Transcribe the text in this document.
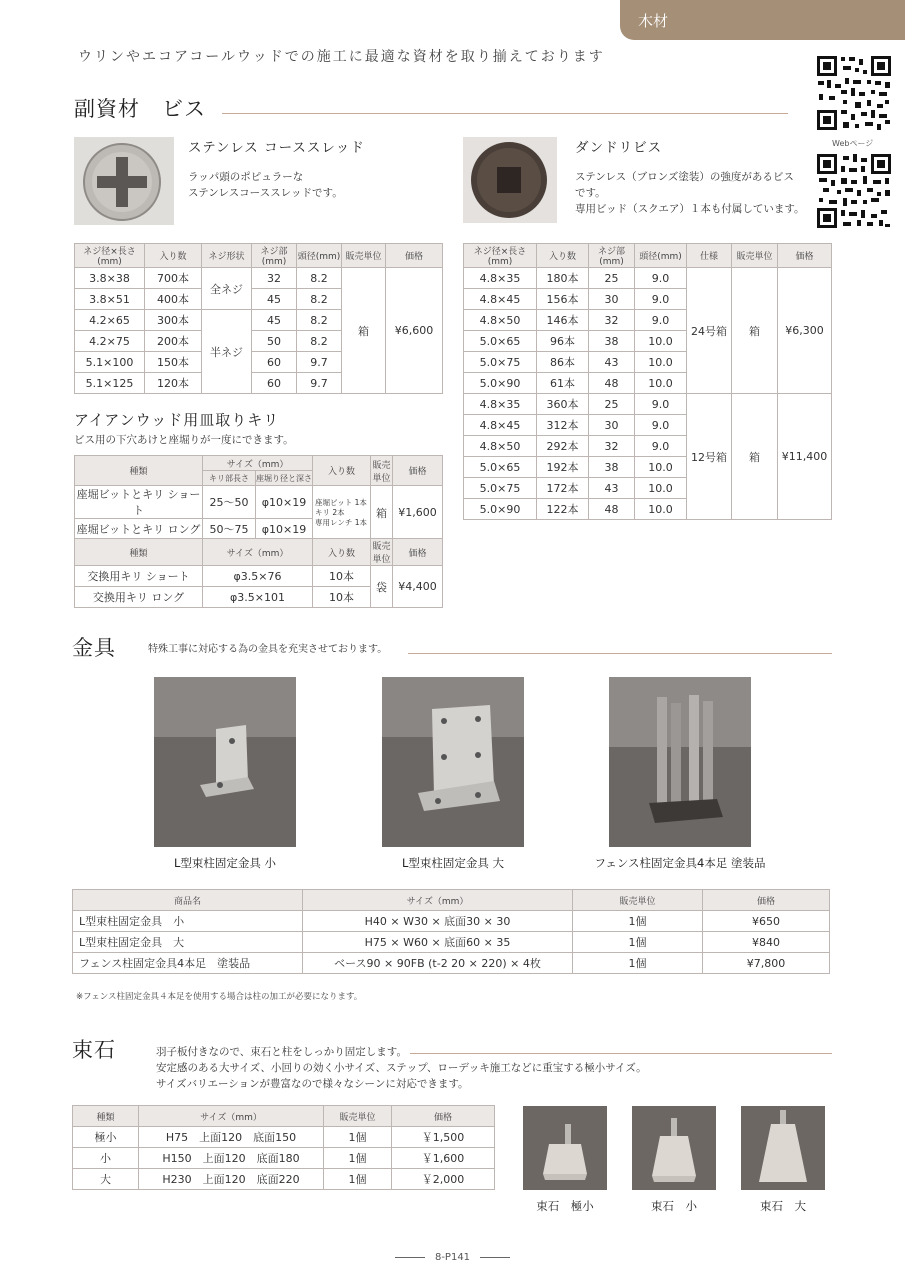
木材
ウリンやエコアコールウッドでの施工に最適な資材を取り揃えております
Webページ
副資材　ビス
ステンレス コーススレッド
ラッパ頭のポピュラーな
ステンレスコーススレッドです。
ネジ径×長さ(mm)	入り数	ネジ形状	ネジ部(mm)	頭径(mm)	販売単位	価格
3.8×38	700本	全ネジ	32	8.2	箱	¥6,600
3.8×51	400本		45	8.2		
4.2×65	300本	半ネジ	45	8.2		
4.2×75	200本		50	8.2		
5.1×100	150本		60	9.7		
5.1×125	120本		60	9.7		
ダンドリビス
ステンレス（ブロンズ塗装）の強度があるビス
です。
専用ビッド（スクエア）１本も付属しています。
ネジ径×長さ(mm)	入り数	ネジ部(mm)	頭径(mm)	仕様	販売単位	価格
4.8×35	180本	25	9.0	24号箱	箱	¥6,300
4.8×45	156本	30	9.0			
4.8×50	146本	32	9.0			
5.0×65	96本	38	10.0			
5.0×75	86本	43	10.0			
5.0×90	61本	48	10.0			
4.8×35	360本	25	9.0	12号箱	箱	¥11,400
4.8×45	312本	30	9.0			
4.8×50	292本	32	9.0			
5.0×65	192本	38	10.0			
5.0×75	172本	43	10.0			
5.0×90	122本	48	10.0			
アイアンウッド用皿取りキリ
ビス用の下穴あけと座堀りが一度にできます。
種類	サイズ（mm）		入り数	販売単位	価格
	キリ部長さ	座堀り径と深さ			
座堀ビットとキリ ショート	25〜50	φ10×19	座堀ビット 1本
キリ 2本
専用レンチ 1本	箱	¥1,600
座堀ビットとキリ ロング	50〜75	φ10×19			
種類	サイズ（mm）	入り数	販売単位	価格
交換用キリ ショート	φ3.5×76	10本	袋	¥4,400
交換用キリ ロング	φ3.5×101	10本		
金具	特殊工事に対応する為の金具を充実させております。
L型束柱固定金具 小	L型束柱固定金具 大	フェンス柱固定金具4本足 塗装品
商品名	サイズ（mm）	販売単位	価格
L型束柱固定金具　小	H40 × W30 × 底面30 × 30	1個	¥650
L型束柱固定金具　大	H75 × W60 × 底面60 × 35	1個	¥840
フェンス柱固定金具4本足　塗装品	ベース90 × 90FB (t-2 20 × 220) × 4枚	1個	¥7,800
※フェンス柱固定金具４本足を使用する場合は柱の加工が必要になります。
束石	羽子板付きなので、束石と柱をしっかり固定します。
安定感のある大サイズ、小回りの効く小サイズ、ステップ、ローデッキ施工などに重宝する極小サイズ。
サイズバリエーションが豊富なので様々なシーンに対応できます。
種類	サイズ（mm）	販売単位	価格
極小	H75　上面120　底面150	1個	￥1,500
小	H150　上面120　底面180	1個	￥1,600
大	H230　上面120　底面220	1個	￥2,000
束石　極小	束石　小	束石　大
8-P141
